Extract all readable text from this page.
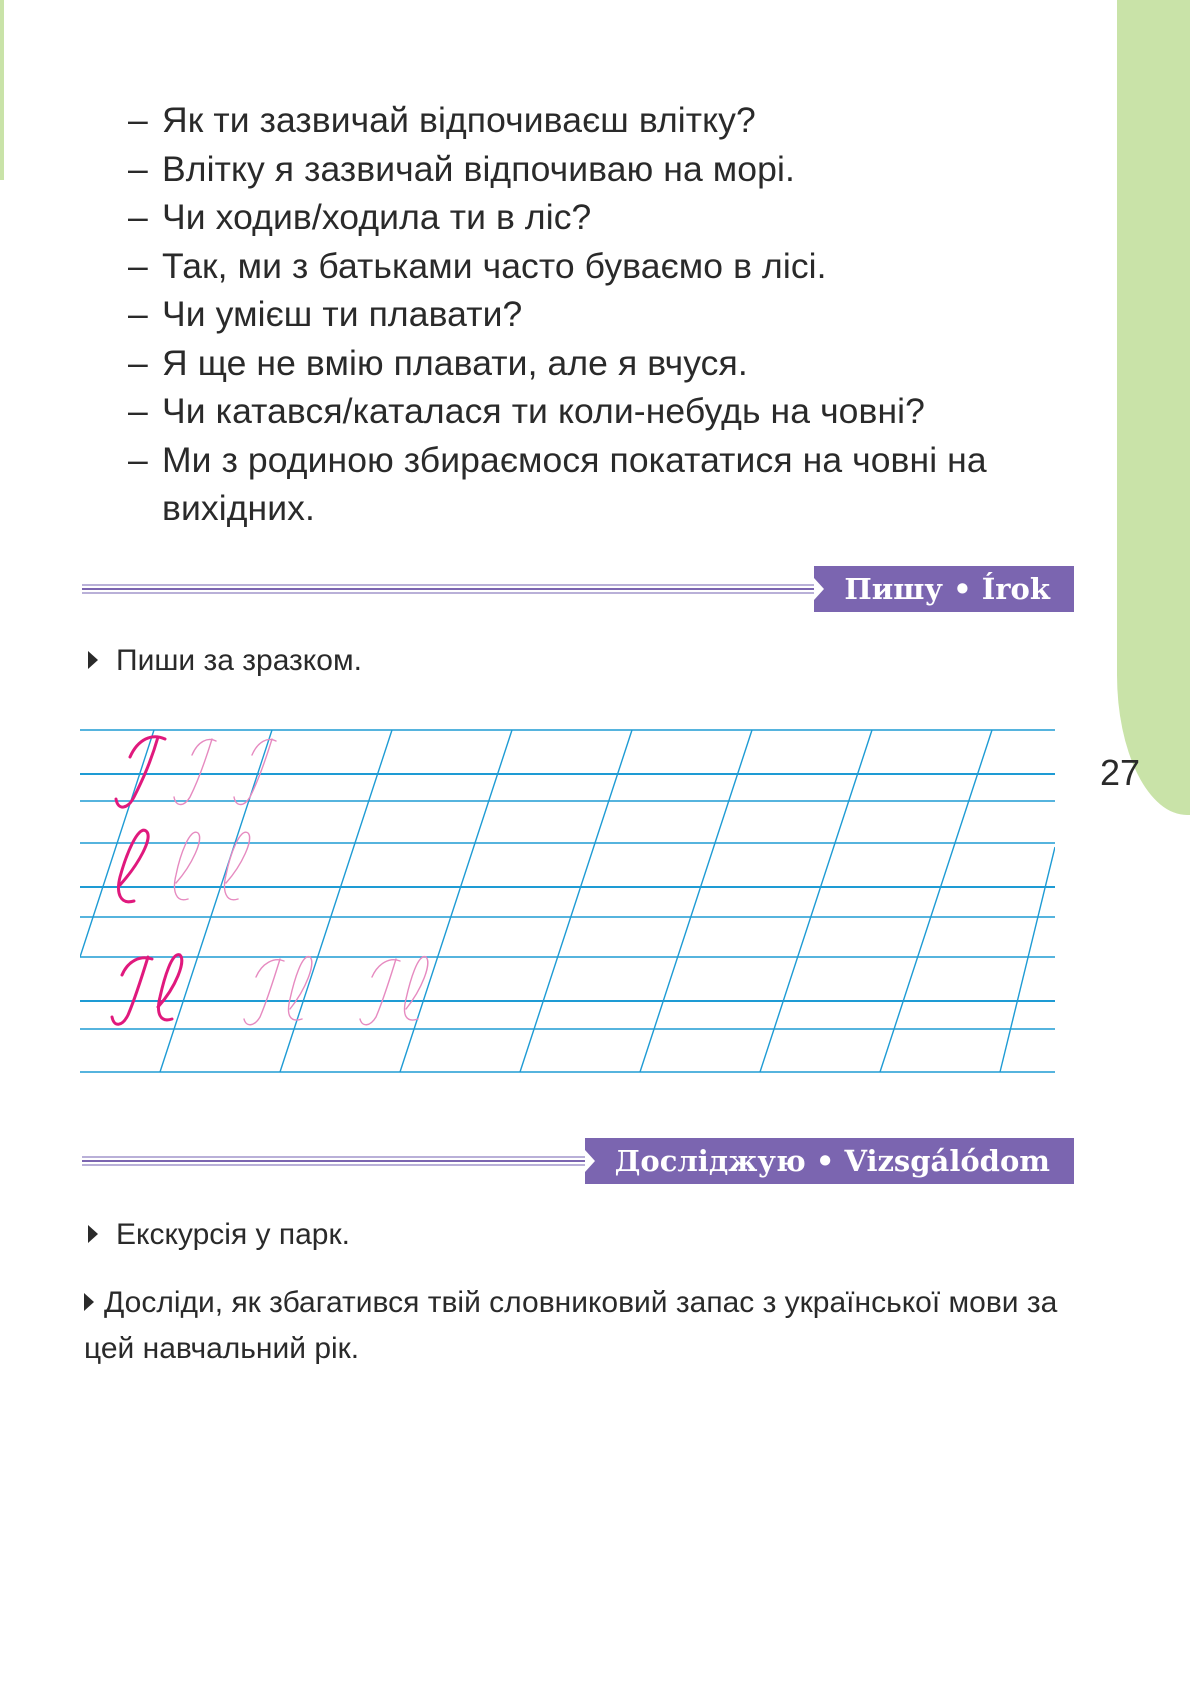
27
– Як ти зазвичай відпочиваєш влітку?
– Влітку я зазвичай відпочиваю на морі.
– Чи ходив/ходила ти в ліс?
– Так, ми з батьками часто буваємо в лісі.
– Чи умієш ти плавати?
– Я ще не вмію плавати, але я вчуся.
– Чи катався/каталася ти коли-небудь на човні?
– Ми з родиною збираємося покататися на човні на вихідних.
Пишу • Írok
Пиши за зразком.
Досліджую • Vizsgálódom
Екскурсія у парк.
Досліди, як збагатився твій словниковий запас з української мови за цей навчальний рік.
